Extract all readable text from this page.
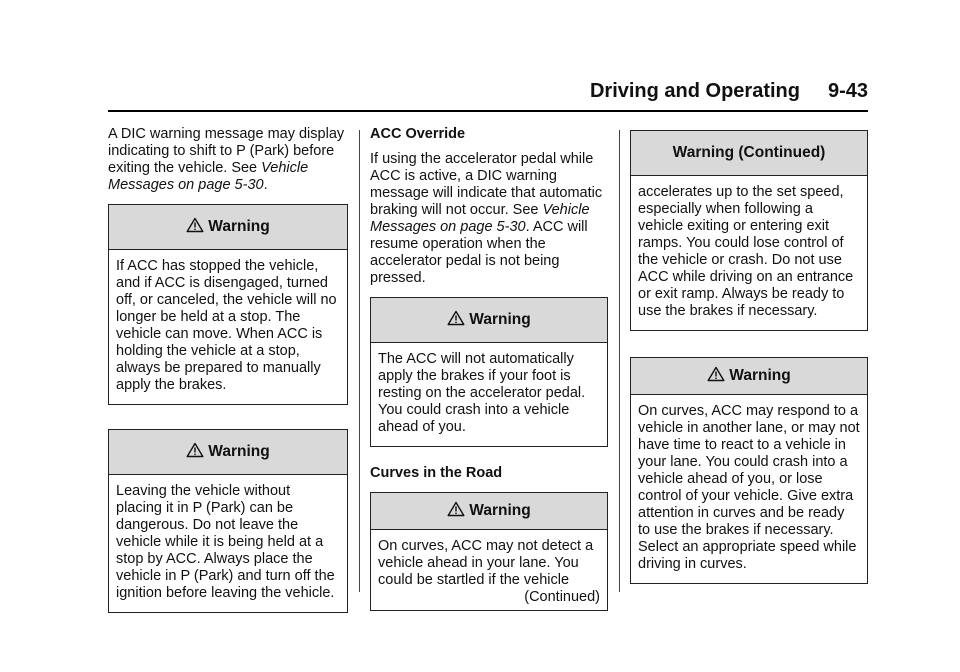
Driving and Operating 9-43

A DIC warning message may display indicating to shift to P (Park) before exiting the vehicle. See Vehicle Messages on page 5-30.

Warning
If ACC has stopped the vehicle, and if ACC is disengaged, turned off, or canceled, the vehicle will no longer be held at a stop. The vehicle can move. When ACC is holding the vehicle at a stop, always be prepared to manually apply the brakes.
Warning
Leaving the vehicle without placing it in P (Park) can be dangerous. Do not leave the vehicle while it is being held at a stop by ACC. Always place the vehicle in P (Park) and turn off the ignition before leaving the vehicle.

ACC Override

If using the accelerator pedal while ACC is active, a DIC warning message will indicate that automatic braking will not occur. See Vehicle Messages on page 5-30. ACC will resume operation when the accelerator pedal is not being pressed.

Warning
The ACC will not automatically apply the brakes if your foot is resting on the accelerator pedal. You could crash into a vehicle ahead of you.

Curves in the Road

Warning
On curves, ACC may not detect a vehicle ahead in your lane. You could be startled if the vehicle
(Continued)
Warning (Continued)
accelerates up to the set speed, especially when following a vehicle exiting or entering exit ramps. You could lose control of the vehicle or crash. Do not use ACC while driving on an entrance or exit ramp. Always be ready to use the brakes if necessary.
Warning
On curves, ACC may respond to a vehicle in another lane, or may not have time to react to a vehicle in your lane. You could crash into a vehicle ahead of you, or lose control of your vehicle. Give extra attention in curves and be ready to use the brakes if necessary. Select an appropriate speed while driving in curves.
